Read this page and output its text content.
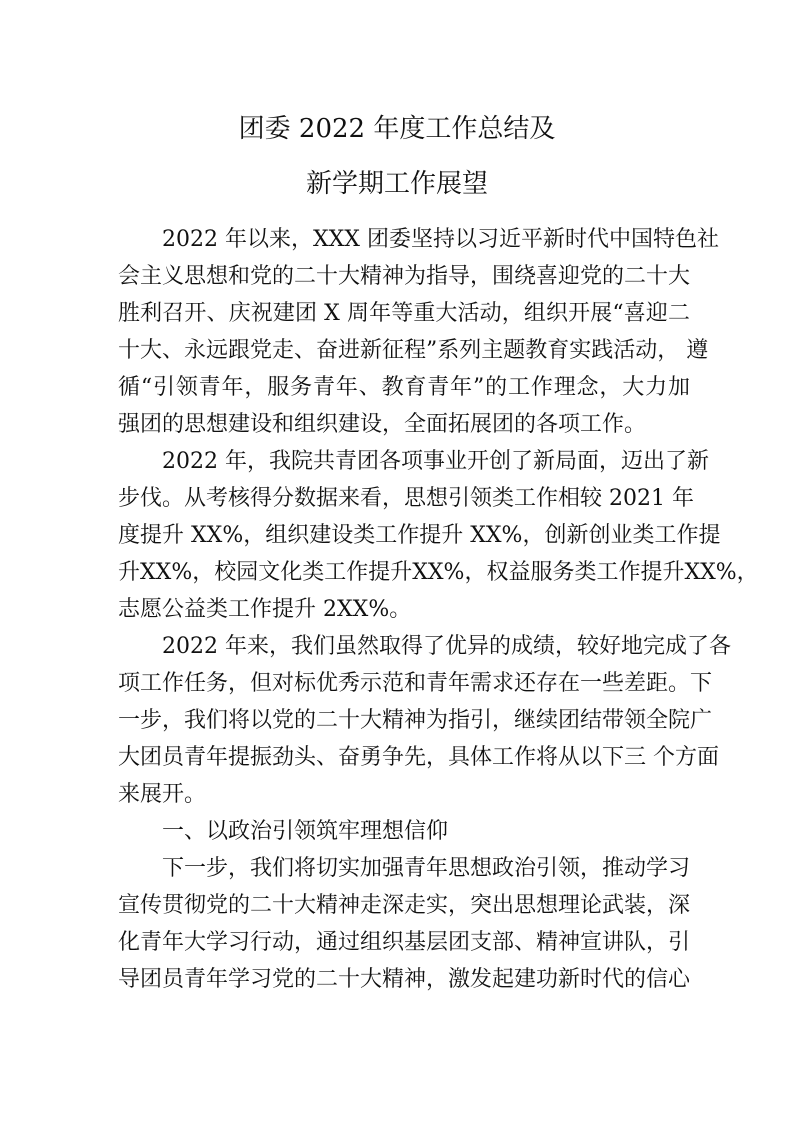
团委 2022 年度工作总结及
新学期工作展望
2022 年以来，XXX 团委坚持以习近平新时代中国特色社
会主义思想和党的二十大精神为指导，围绕喜迎党的二十大
胜利召开、庆祝建团 X 周年等重大活动，组织开展“喜迎二
十大、永远跟党走、奋进新征程”系列主题教育实践活动， 遵
循“引领青年，服务青年、教育青年”的工作理念，大力加
强团的思想建设和组织建设，全面拓展团的各项工作。
2022 年，我院共青团各项事业开创了新局面，迈出了新
步伐。从考核得分数据来看，思想引领类工作相较 2021 年
度提升 XX%，组织建设类工作提升 XX%，创新创业类工作提
升XX%，校园文化类工作提升XX%，权益服务类工作提升XX%，
志愿公益类工作提升 2XX%。
2022 年来，我们虽然取得了优异的成绩，较好地完成了各
项工作任务，但对标优秀示范和青年需求还存在一些差距。下
一步，我们将以党的二十大精神为指引，继续团结带领全院广
大团员青年提振劲头、奋勇争先，具体工作将从以下三 个方面
来展开。
一、以政治引领筑牢理想信仰
下一步，我们将切实加强青年思想政治引领，推动学习
宣传贯彻党的二十大精神走深走实，突出思想理论武装，深
化青年大学习行动，通过组织基层团支部、精神宣讲队，引
导团员青年学习党的二十大精神，激发起建功新时代的信心
